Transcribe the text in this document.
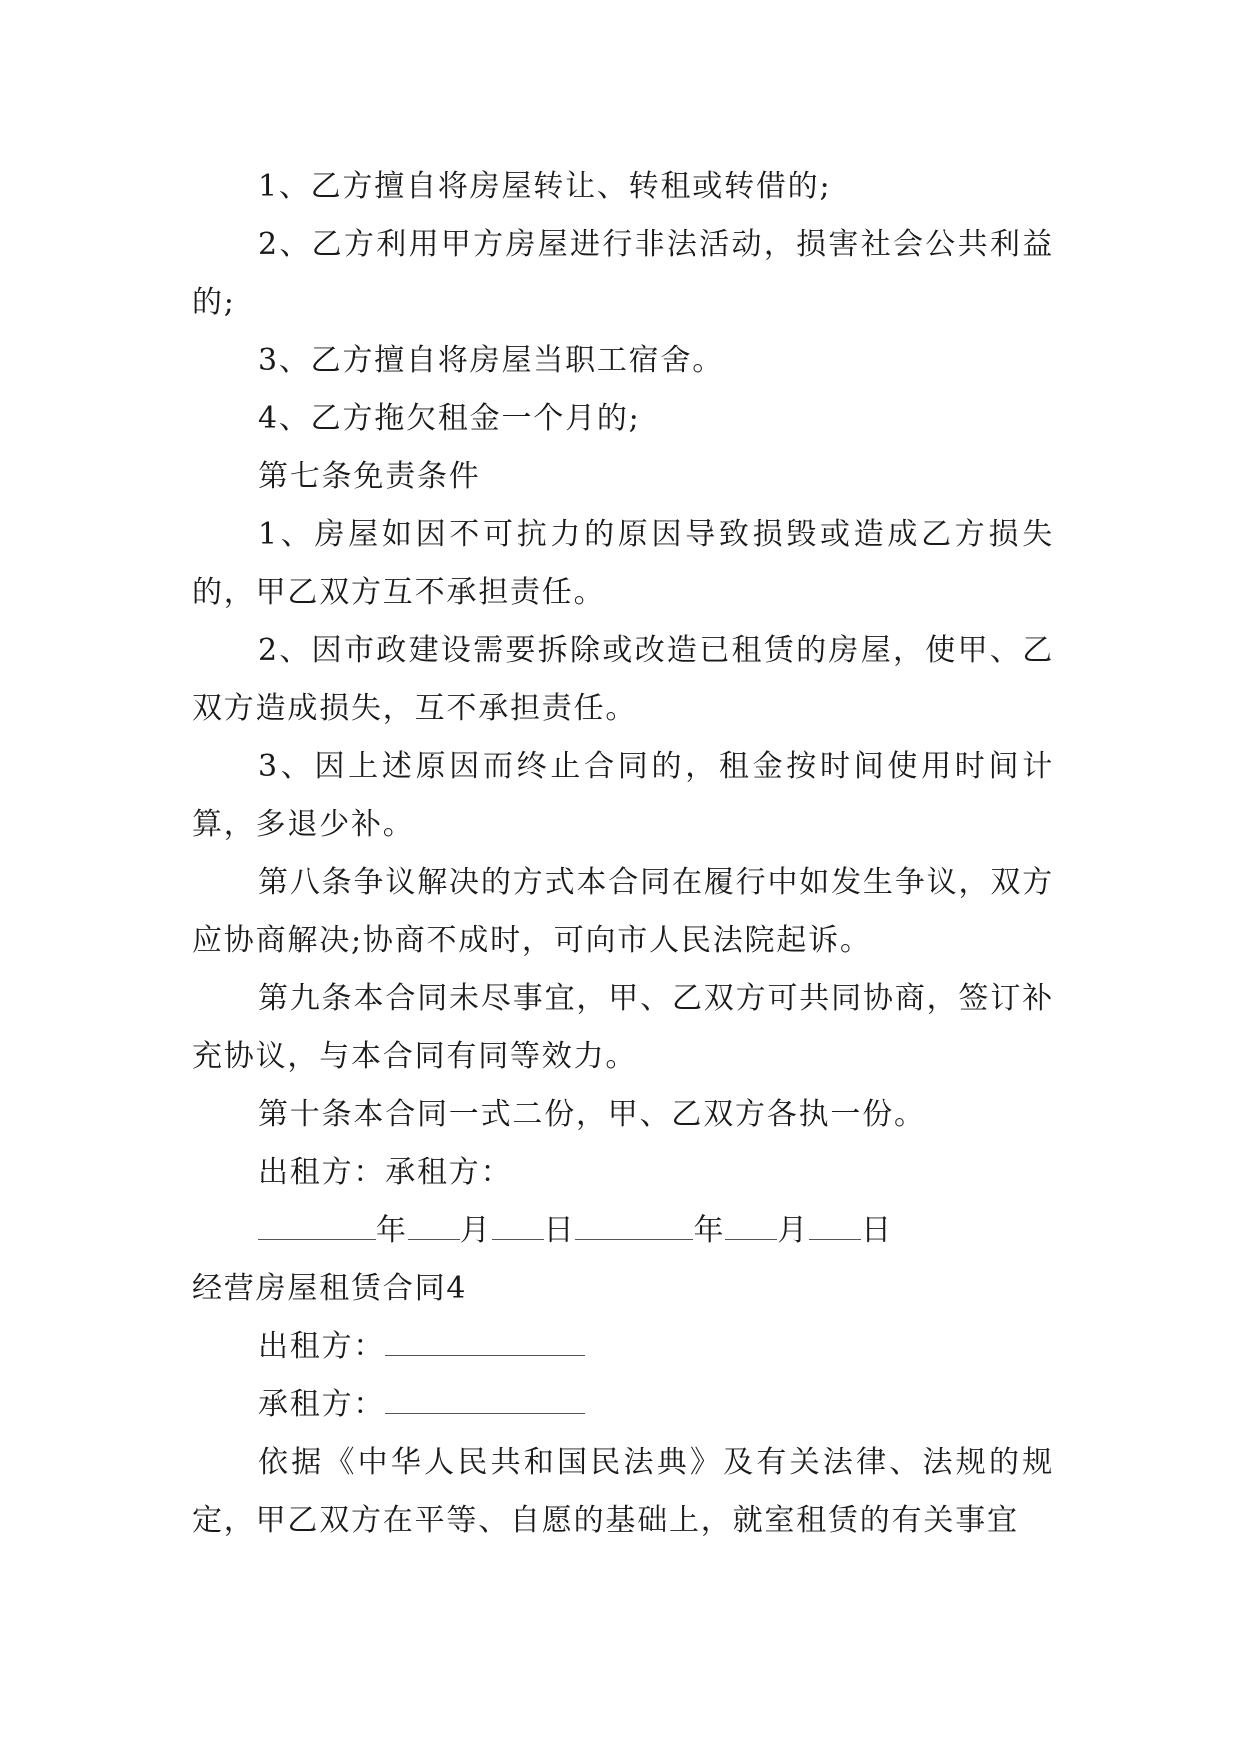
1、乙方擅自将房屋转让、转租或转借的;

2、乙方利用甲方房屋进行非法活动，损害社会公共利益的;

3、乙方擅自将房屋当职工宿舍。

4、乙方拖欠租金一个月的;

第七条免责条件

1、房屋如因不可抗力的原因导致损毁或造成乙方损失的，甲乙双方互不承担责任。

2、因市政建设需要拆除或改造已租赁的房屋，使甲、乙双方造成损失，互不承担责任。

3、因上述原因而终止合同的，租金按时间使用时间计算，多退少补。

第八条争议解决的方式本合同在履行中如发生争议，双方应协商解决;协商不成时，可向市人民法院起诉。

第九条本合同未尽事宜，甲、乙双方可共同协商，签订补充协议，与本合同有同等效力。

第十条本合同一式二份，甲、乙双方各执一份。

出租方：承租方：

年 月 日	年 月 日

经营房屋租赁合同4

出租方：

承租方：

依据《中华人民共和国民法典》及有关法律、法规的规定，甲乙双方在平等、自愿的基础上，就室租赁的有关事宜
